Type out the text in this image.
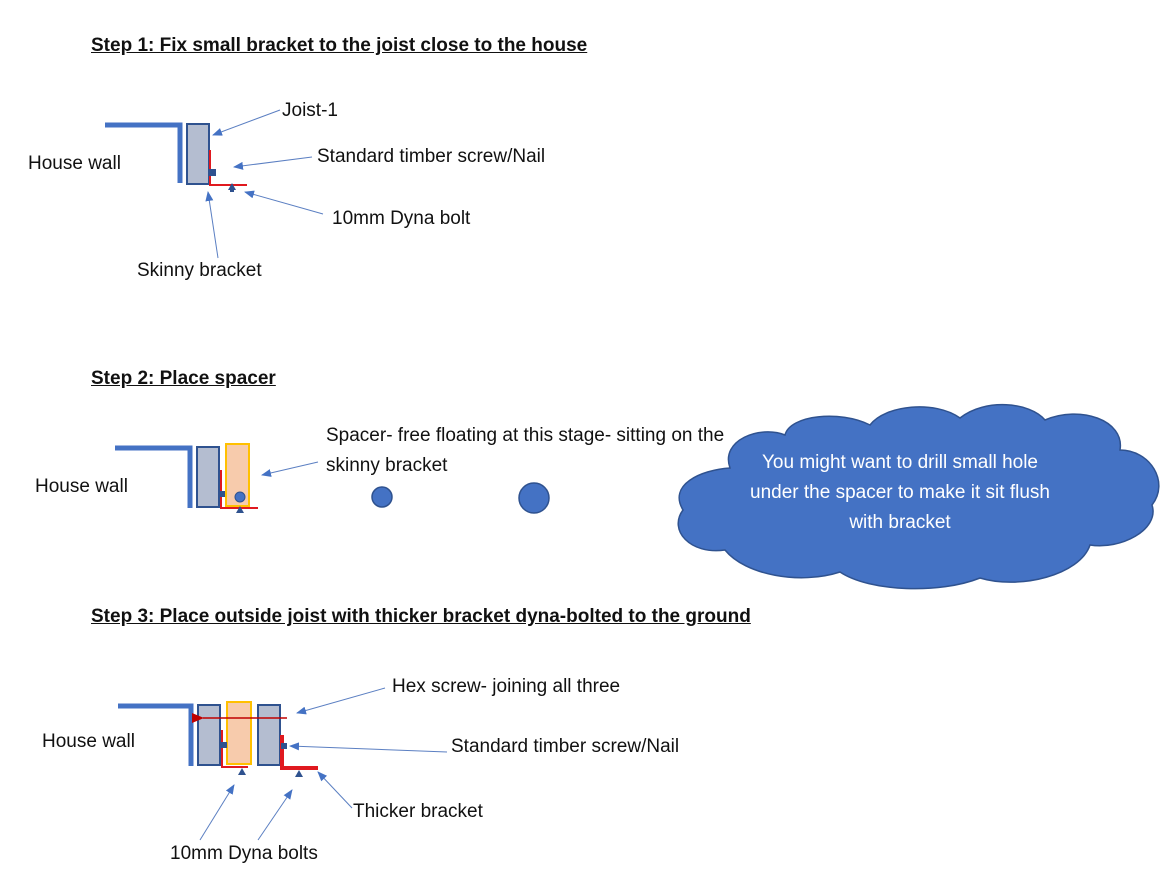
Step 1: Fix small bracket to the joist close to the house
Step 2: Place spacer
Step 3: Place outside joist with thicker bracket dyna-bolted to the ground
House wall
Joist-1
Standard timber screw/Nail
10mm Dyna bolt
Skinny bracket
House wall
Spacer- free floating at this stage- sitting on the skinny bracket	You might want to drill small hole under the spacer to make it sit flush with bracket
House wall
Hex screw- joining all three
Standard timber screw/Nail
Thicker bracket
10mm Dyna bolts
